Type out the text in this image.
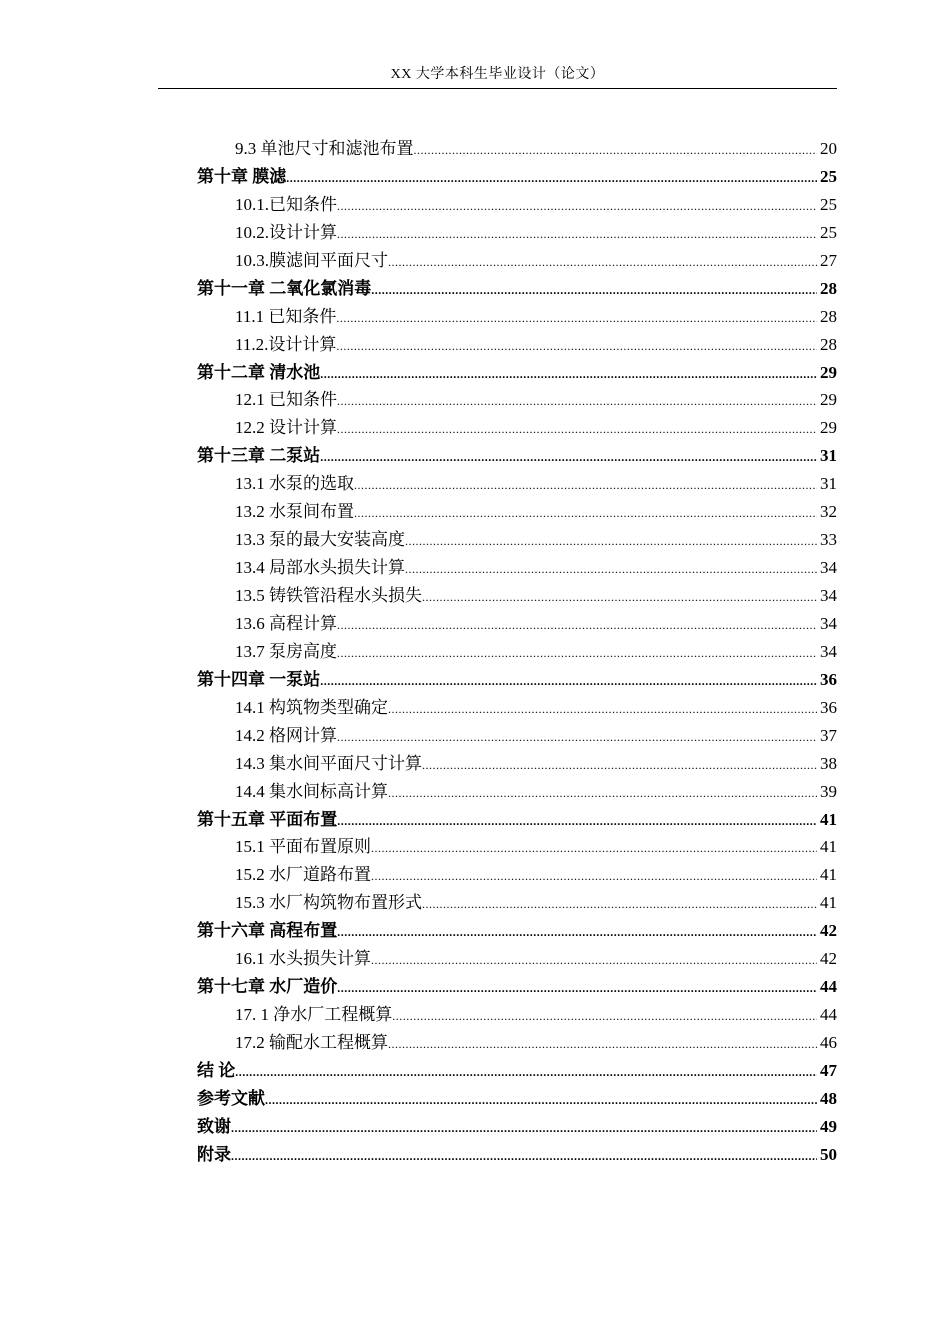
XX 大学本科生毕业设计（论文）
9.3 单池尺寸和滤池布置 .....	20
第十章 膜滤 .....	25
10.1.已知条件 .....	25
10.2.设计计算 .....	25
10.3.膜滤间平面尺寸 .....	27
第十一章 二氧化氯消毒 .....	28
11.1 已知条件 .....	28
11.2.设计计算 .....	28
第十二章 清水池 .....	29
12.1 已知条件 .....	29
12.2 设计计算 .....	29
第十三章 二泵站 .....	31
13.1 水泵的选取 .....	31
13.2 水泵间布置 .....	32
13.3 泵的最大安装高度 .....	33
13.4 局部水头损失计算 .....	34
13.5 铸铁管沿程水头损失 .....	34
13.6 高程计算 .....	34
13.7 泵房高度 .....	34
第十四章 一泵站 .....	36
14.1 构筑物类型确定 .....	36
14.2 格网计算 .....	37
14.3 集水间平面尺寸计算 .....	38
14.4 集水间标高计算 .....	39
第十五章 平面布置 .....	41
15.1 平面布置原则 .....	41
15.2 水厂道路布置 .....	41
15.3 水厂构筑物布置形式 .....	41
第十六章 高程布置 .....	42
16.1 水头损失计算 .....	42
第十七章 水厂造价 .....	44
17. 1 净水厂工程概算 .....	44
17.2 输配水工程概算 .....	46
结 论 .....	47
参考文献 .....	48
致谢 .....	49
附录 .....	50
